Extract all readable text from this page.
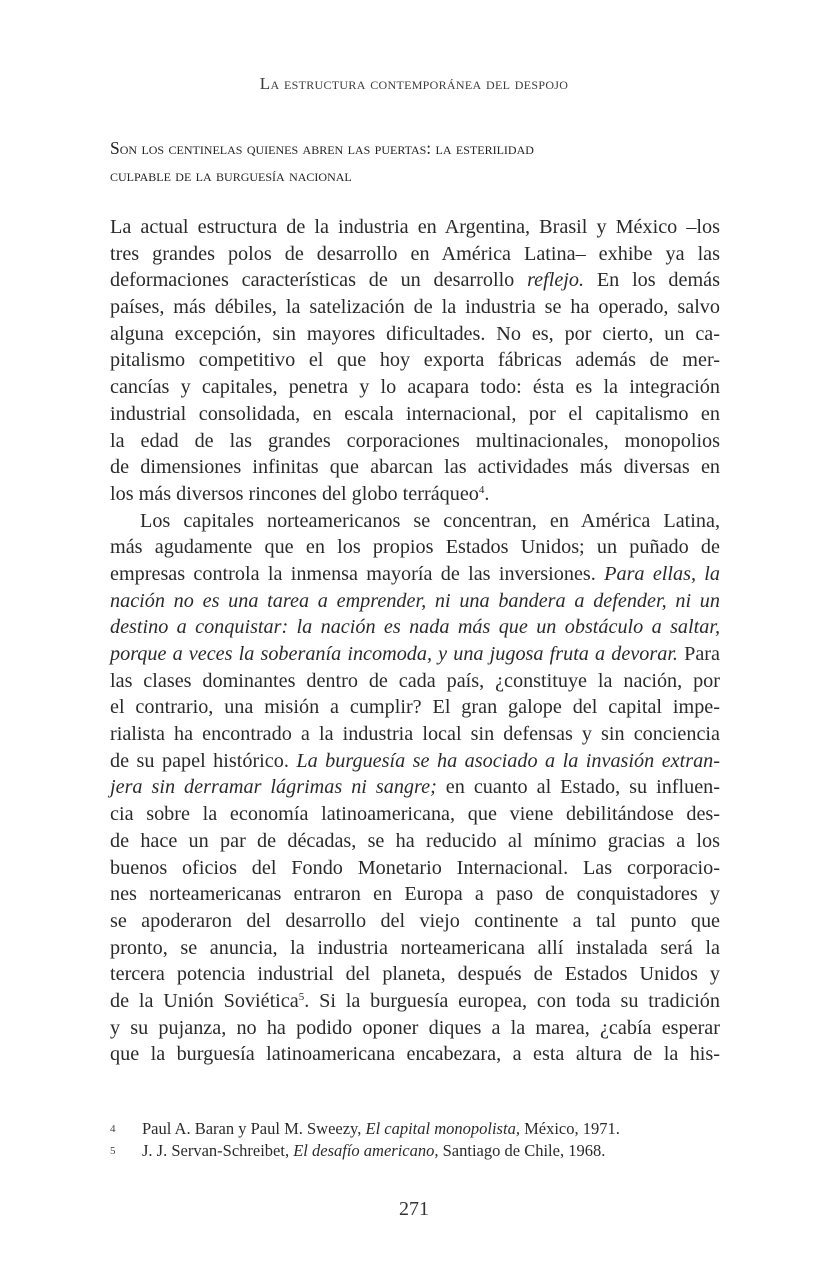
La estructura contemporánea del despojo
Son los centinelas quienes abren las puertas: la esterilidad
culpable de la burguesía nacional
La actual estructura de la industria en Argentina, Brasil y México –los
tres grandes polos de desarrollo en América Latina– exhibe ya las
deformaciones características de un desarrollo reflejo. En los demás
países, más débiles, la satelización de la industria se ha operado, salvo
alguna excepción, sin mayores dificultades. No es, por cierto, un ca-
pitalismo competitivo el que hoy exporta fábricas además de mer-
cancías y capitales, penetra y lo acapara todo: ésta es la integración
industrial consolidada, en escala internacional, por el capitalismo en
la edad de las grandes corporaciones multinacionales, monopolios
de dimensiones infinitas que abarcan las actividades más diversas en
los más diversos rincones del globo terráqueo$^4$.
Los capitales norteamericanos se concentran, en América Latina,
más agudamente que en los propios Estados Unidos; un puñado de
empresas controla la inmensa mayoría de las inversiones. Para ellas, la
nación no es una tarea a emprender, ni una bandera a defender, ni un
destino a conquistar: la nación es nada más que un obstáculo a saltar,
porque a veces la soberanía incomoda, y una jugosa fruta a devorar. Para
las clases dominantes dentro de cada país, ¿constituye la nación, por
el contrario, una misión a cumplir? El gran galope del capital impe-
rialista ha encontrado a la industria local sin defensas y sin conciencia
de su papel histórico. La burguesía se ha asociado a la invasión extran-
jera sin derramar lágrimas ni sangre; en cuanto al Estado, su influen-
cia sobre la economía latinoamericana, que viene debilitándose des-
de hace un par de décadas, se ha reducido al mínimo gracias a los
buenos oficios del Fondo Monetario Internacional. Las corporacio-
nes norteamericanas entraron en Europa a paso de conquistadores y
se apoderaron del desarrollo del viejo continente a tal punto que
pronto, se anuncia, la industria norteamericana allí instalada será la
tercera potencia industrial del planeta, después de Estados Unidos y
de la Unión Soviética$^5$. Si la burguesía europea, con toda su tradición
y su pujanza, no ha podido oponer diques a la marea, ¿cabía esperar
que la burguesía latinoamericana encabezara, a esta altura de la his-
4	Paul A. Baran y Paul M. Sweezy, El capital monopolista, México, 1971.
5	J. J. Servan-Schreibet, El desafío americano, Santiago de Chile, 1968.
271
